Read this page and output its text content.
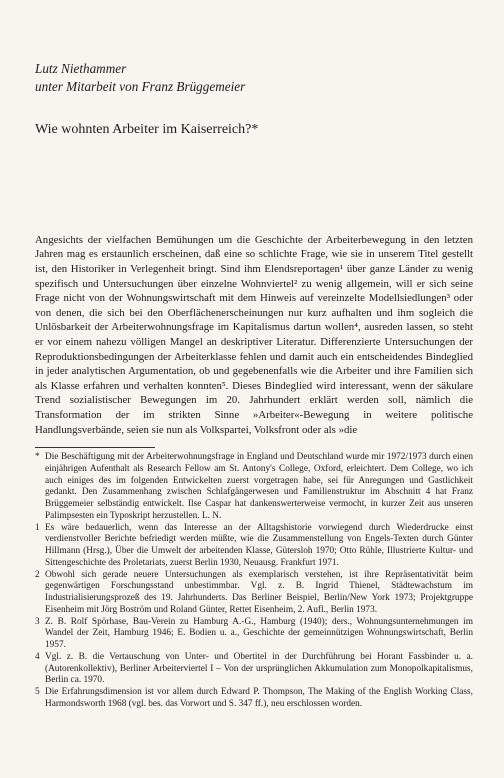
Lutz Niethammer
unter Mitarbeit von Franz Brüggemeier
Wie wohnten Arbeiter im Kaiserreich?*

Angesichts der vielfachen Bemühungen um die Geschichte der Arbeiterbewegung in den letzten Jahren mag es erstaunlich erscheinen, daß eine so schlichte Frage, wie sie in unserem Titel gestellt ist, den Historiker in Verlegenheit bringt. Sind ihm Elendsreportagen¹ über ganze Länder zu wenig spezifisch und Untersuchungen über einzelne Wohnviertel² zu wenig allgemein, will er sich seine Frage nicht von der Wohnungswirtschaft mit dem Hinweis auf vereinzelte Modellsiedlungen³ oder von denen, die sich bei den Oberflächenerscheinungen nur kurz aufhalten und ihm sogleich die Unlösbarkeit der Arbeiterwohnungsfrage im Kapitalismus dartun wollen⁴, ausreden lassen, so steht er vor einem nahezu völligen Mangel an deskriptiver Literatur. Differenzierte Untersuchungen der Reproduktionsbedingungen der Arbeiterklasse fehlen und damit auch ein entscheidendes Bindeglied in jeder analytischen Argumentation, ob und gegebenenfalls wie die Arbeiter und ihre Familien sich als Klasse erfahren und verhalten konnten⁵. Dieses Bindeglied wird interessant, wenn der säkulare Trend sozialistischer Bewegungen im 20. Jahrhundert erklärt werden soll, nämlich die Transformation der im strikten Sinne »Arbeiter«-Bewegung in weitere politische Handlungsverbände, seien sie nun als Volkspartei, Volksfront oder als »die

* Die Beschäftigung mit der Arbeiterwohnungsfrage in England und Deutschland wurde mir 1972/1973 durch einen einjährigen Aufenthalt als Research Fellow am St. Antony's College, Oxford, erleichtert. Dem College, wo ich auch einiges des im folgenden Entwickelten zuerst vorgetragen habe, sei für Anregungen und Gastlichkeit gedankt. Den Zusammenhang zwischen Schlafgängerwesen und Familienstruktur im Abschnitt 4 hat Franz Brüggemeier selbständig entwickelt. Ilse Caspar hat dankenswerterweise vermocht, in kurzer Zeit aus unseren Palimpsesten ein Typoskript herzustellen. L. N.

1 Es wäre bedauerlich, wenn das Interesse an der Alltagshistorie vorwiegend durch Wiederdrucke einst verdienstvoller Berichte befriedigt werden müßte, wie die Zusammenstellung von Engels-Texten durch Günter Hillmann (Hrsg.), Über die Umwelt der arbeitenden Klasse, Gütersloh 1970; Otto Rühle, Illustrierte Kultur- und Sittengeschichte des Proletariats, zuerst Berlin 1930, Neuausg. Frankfurt 1971.

2 Obwohl sich gerade neuere Untersuchungen als exemplarisch verstehen, ist ihre Repräsentativität beim gegenwärtigen Forschungsstand unbestimmbar. Vgl. z. B. Ingrid Thienel, Städtewachstum im Industrialisierungsprozeß des 19. Jahrhunderts. Das Berliner Beispiel, Berlin/New York 1973; Projektgruppe Eisenheim mit Jörg Boström und Roland Günter, Rettet Eisenheim, 2. Aufl., Berlin 1973.

3 Z. B. Rolf Spörhase, Bau-Verein zu Hamburg A.-G., Hamburg (1940); ders., Wohnungsunternehmungen im Wandel der Zeit, Hamburg 1946; E. Bodien u. a., Geschichte der gemeinnützigen Wohnungswirtschaft, Berlin 1957.

4 Vgl. z. B. die Vertauschung von Unter- und Obertitel in der Durchführung bei Horant Fassbinder u. a. (Autorenkollektiv), Berliner Arbeiterviertel I – Von der ursprünglichen Akkumulation zum Monopolkapitalismus, Berlin ca. 1970.

5 Die Erfahrungsdimension ist vor allem durch Edward P. Thompson, The Making of the English Working Class, Harmondsworth 1968 (vgl. bes. das Vorwort und S. 347 ff.), neu erschlossen worden.
